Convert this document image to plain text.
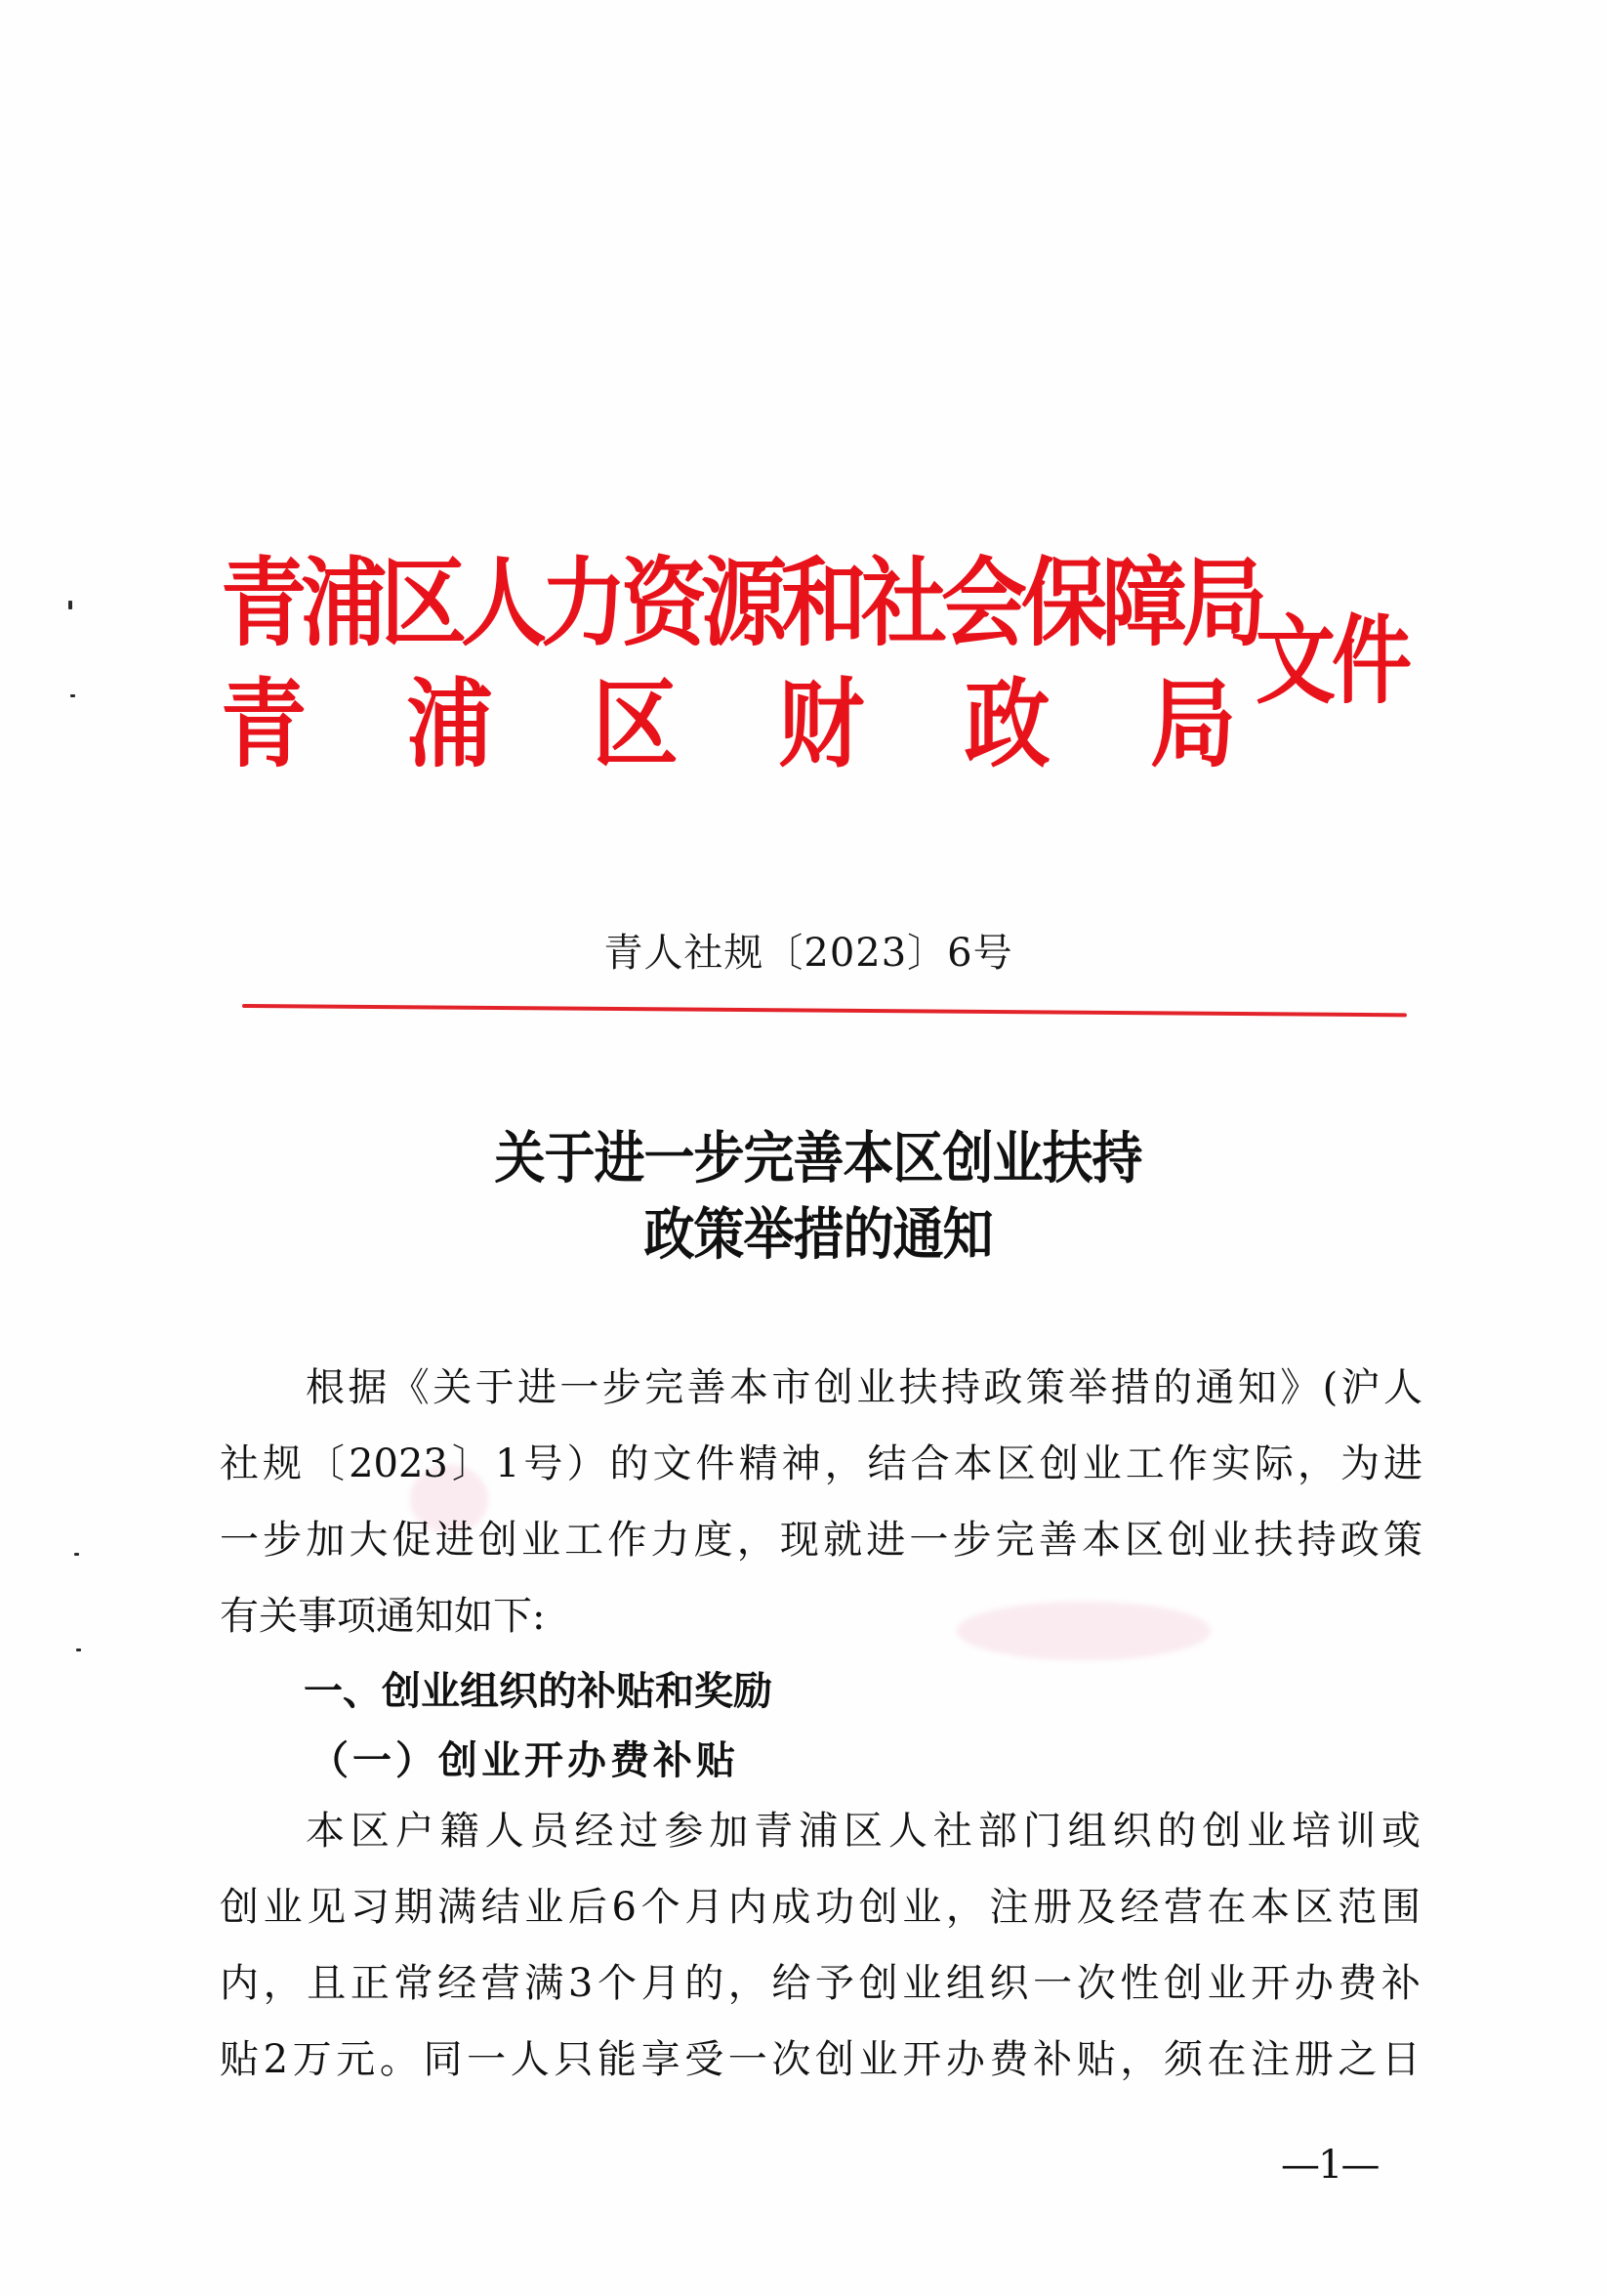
青浦区人力资源和社会保障局
青 浦 区 财 政 局
文件
青人社规〔2023〕6号
关于进一步完善本区创业扶持
政策举措的通知
根据《关于进一步完善本市创业扶持政策举措的通知》(沪人
社规〔2023〕1号）的文件精神，结合本区创业工作实际，为进
一步加大促进创业工作力度，现就进一步完善本区创业扶持政策
有关事项通知如下:
一、创业组织的补贴和奖励
（一）创业开办费补贴
本区户籍人员经过参加青浦区人社部门组织的创业培训或
创业见习期满结业后6个月内成功创业，注册及经营在本区范围
内，且正常经营满3个月的，给予创业组织一次性创业开办费补
贴2万元。同一人只能享受一次创业开办费补贴，须在注册之日
—1—
